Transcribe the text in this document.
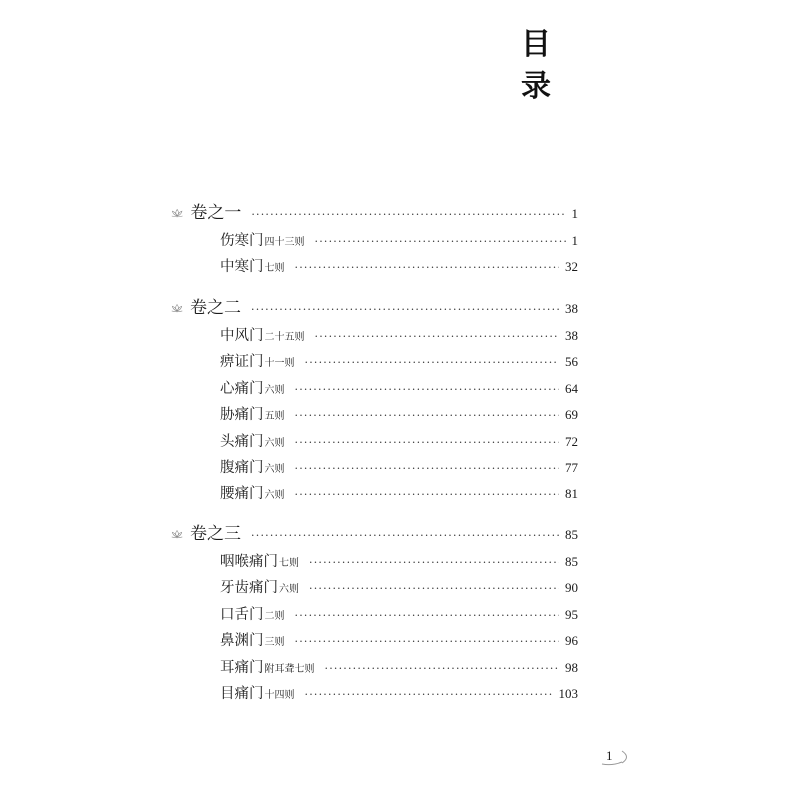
目
录
卷之一 ·····	1
伤寒门 四十三则 ·····	1
中寒门 七则 ·····	32
卷之二 ·····	38
中风门 二十五则 ·····	38
痹证门 十一则 ·····	56
心痛门 六则 ·····	64
胁痛门 五则 ·····	69
头痛门 六则 ·····	72
腹痛门 六则 ·····	77
腰痛门 六则 ·····	81
卷之三 ·····	85
咽喉痛门 七则 ·····	85
牙齿痛门 六则 ·····	90
口舌门 二则 ·····	95
鼻渊门 三则 ·····	96
耳痛门 附耳聋七则 ·····	98
目痛门 十四则 ·····	103
1
